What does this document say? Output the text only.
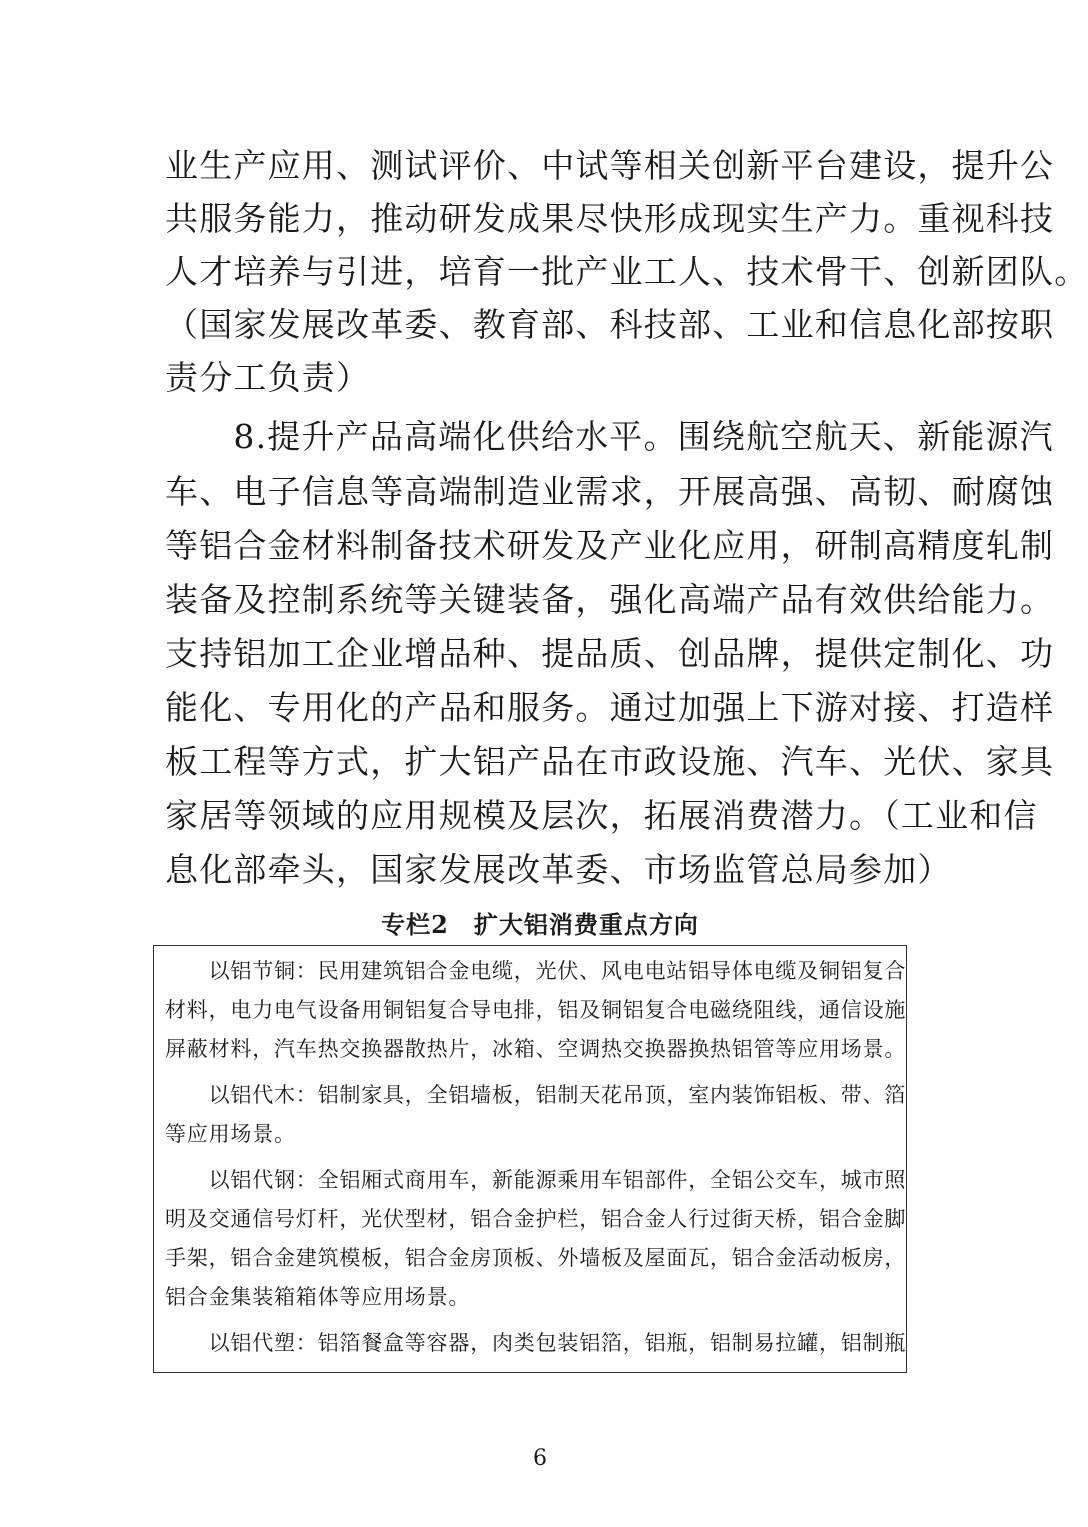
业生产应用、测试评价、中试等相关创新平台建设，提升公
共服务能力，推动研发成果尽快形成现实生产力。重视科技
人才培养与引进，培育一批产业工人、技术骨干、创新团队。
（国家发展改革委、教育部、科技部、工业和信息化部按职
责分工负责）
　　8.提升产品高端化供给水平。围绕航空航天、新能源汽
车、电子信息等高端制造业需求，开展高强、高韧、耐腐蚀
等铝合金材料制备技术研发及产业化应用，研制高精度轧制
装备及控制系统等关键装备，强化高端产品有效供给能力。
支持铝加工企业增品种、提品质、创品牌，提供定制化、功
能化、专用化的产品和服务。通过加强上下游对接、打造样
板工程等方式，扩大铝产品在市政设施、汽车、光伏、家具
家居等领域的应用规模及层次，拓展消费潜力。（工业和信
息化部牵头，国家发展改革委、市场监管总局参加）
专栏2　扩大铝消费重点方向
　　以铝节铜：民用建筑铝合金电缆，光伏、风电电站铝导体电缆及铜铝复合
材料，电力电气设备用铜铝复合导电排，铝及铜铝复合电磁绕阻线，通信设施
屏蔽材料，汽车热交换器散热片，冰箱、空调热交换器换热铝管等应用场景。
　　以铝代木：铝制家具，全铝墙板，铝制天花吊顶，室内装饰铝板、带、箔
等应用场景。
　　以铝代钢：全铝厢式商用车，新能源乘用车铝部件，全铝公交车，城市照
明及交通信号灯杆，光伏型材，铝合金护栏，铝合金人行过街天桥，铝合金脚
手架，铝合金建筑模板，铝合金房顶板、外墙板及屋面瓦，铝合金活动板房，
铝合金集装箱箱体等应用场景。
　　以铝代塑：铝箔餐盒等容器，肉类包装铝箔，铝瓶，铝制易拉罐，铝制瓶
6
